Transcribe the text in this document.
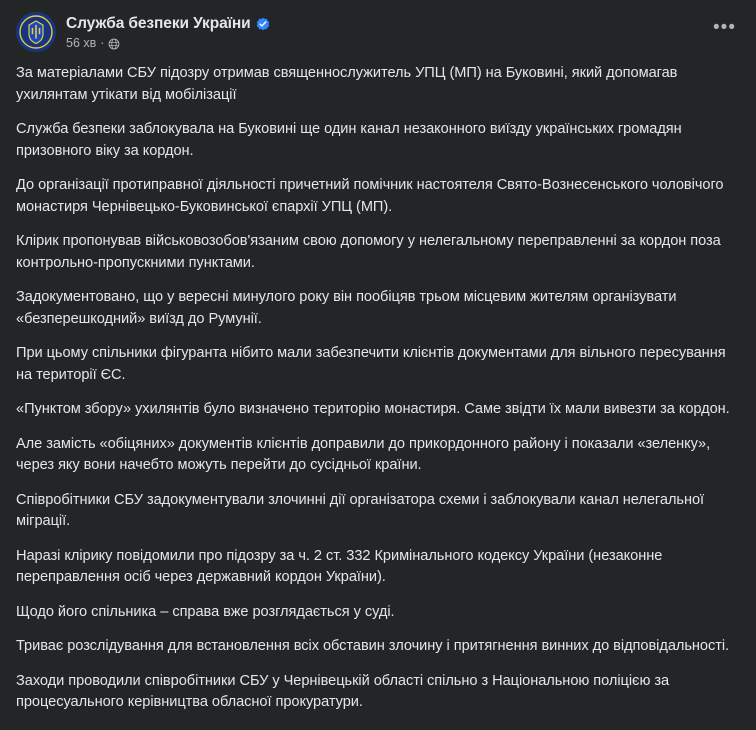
Служба безпеки України
56 хв ·
•••

За матеріалами СБУ підозру отримав священнослужитель УПЦ (МП) на Буковині, який допомагав ухилянтам утікати від мобілізації

Служба безпеки заблокувала на Буковині ще один канал незаконного виїзду українських громадян призовного віку за кордон.

До організації протиправної діяльності причетний помічник настоятеля Свято-Вознесенського чоловічого монастиря Чернівецько-Буковинської єпархії УПЦ (МП).

Клірик пропонував військовозобов'язаним свою допомогу у нелегальному переправленні за кордон поза контрольно-пропускними пунктами.

Задокументовано, що у вересні минулого року він пообіцяв трьом місцевим жителям організувати «безперешкодний» виїзд до Румунії.

При цьому спільники фігуранта нібито мали забезпечити клієнтів документами для вільного пересування на території ЄС.

«Пунктом збору» ухилянтів було визначено територію монастиря. Саме звідти їх мали вивезти за кордон.

Але замість «обіцяних» документів клієнтів доправили до прикордонного району і показали «зеленку», через яку вони начебто можуть перейти до сусідньої країни.

Співробітники СБУ задокументували злочинні дії організатора схеми і заблокували канал нелегальної міграції.

Наразі клірику повідомили про підозру за ч. 2 ст. 332 Кримінального кодексу України (незаконне переправлення осіб через державний кордон України).

Щодо його спільника – справа вже розглядається у суді.

Триває розслідування для встановлення всіх обставин злочину і притягнення винних до відповідальності.

Заходи проводили співробітники СБУ у Чернівецькій області спільно з Національною поліцією за процесуального керівництва обласної прокуратури.
